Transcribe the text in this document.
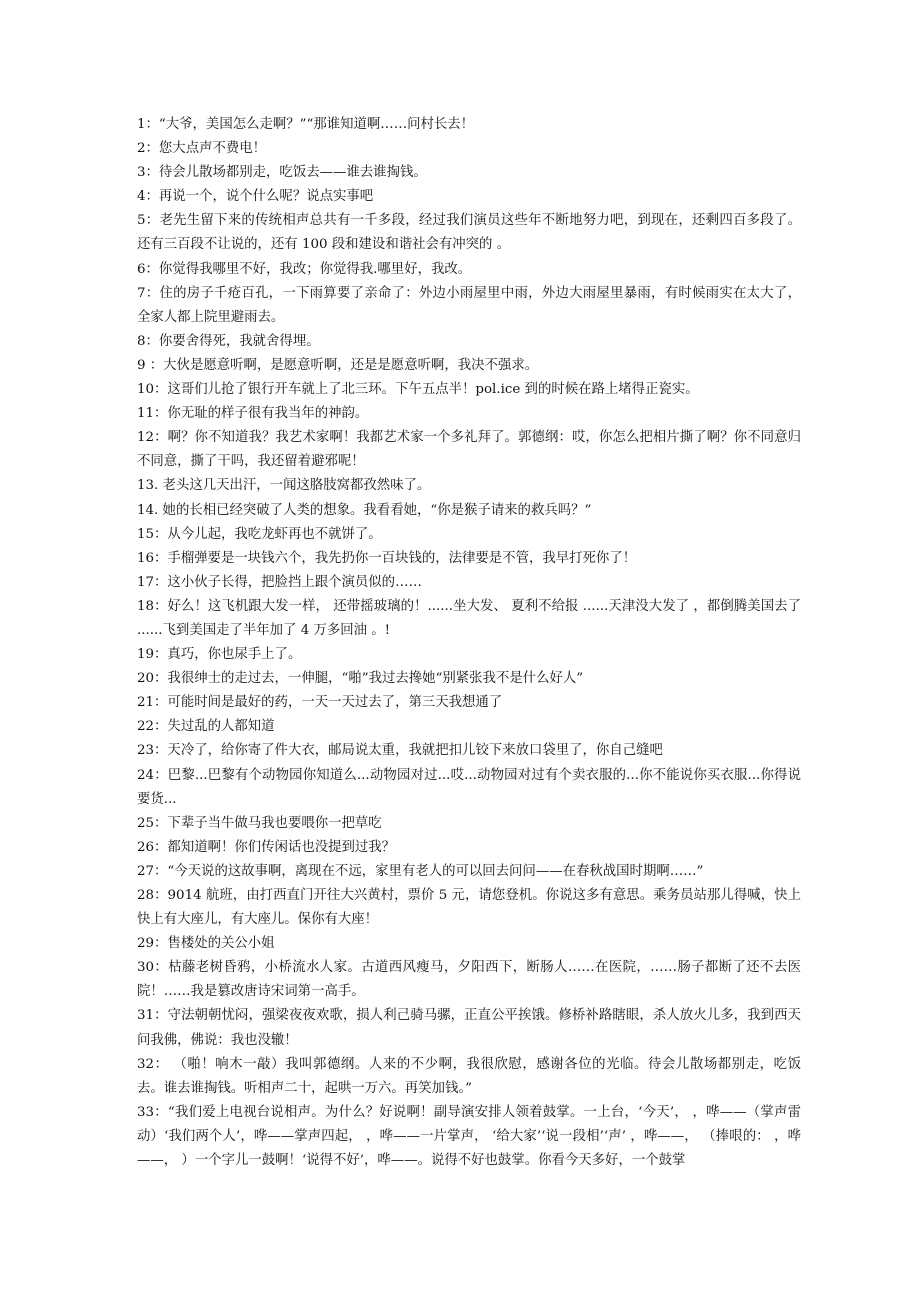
1：“大爷，美国怎么走啊？”“那谁知道啊……问村长去！

2：您大点声不费电！

3：待会儿散场都别走，吃饭去——谁去谁掏钱。

4：再说一个，说个什么呢？说点实事吧

5：老先生留下来的传统相声总共有一千多段，经过我们演员这些年不断地努力吧，到现在，还剩四百多段了。还有三百段不让说的，还有 100 段和建设和谐社会有冲突的 。

6：你觉得我哪里不好，我改；你觉得我.哪里好，我改。

7：住的房子千疮百孔，一下雨算要了亲命了：外边小雨屋里中雨，外边大雨屋里暴雨，有时候雨实在太大了，全家人都上院里避雨去。

8：你要舍得死，我就舍得埋。

9 ：大伙是愿意听啊，是愿意听啊，还是是愿意听啊，我决不强求。

10：这哥们儿抢了银行开车就上了北三环。下午五点半！pol.ice 到的时候在路上堵得正瓷实。

11：你无耻的样子很有我当年的神韵。

12：啊？你不知道我？我艺术家啊！我都艺术家一个多礼拜了。郭德纲：哎，你怎么把相片撕了啊？你不同意归不同意，撕了干吗，我还留着避邪呢！

13. 老头这几天出汗，一闻这胳肢窝都孜然味了。

14. 她的长相已经突破了人类的想象。我看看她，“你是猴子请来的救兵吗？”

15：从今儿起，我吃龙虾再也不就饼了。

16：手榴弹要是一块钱六个，我先扔你一百块钱的，法律要是不管，我早打死你了！

17：这小伙子长得，把脸挡上跟个演员似的……

18：好么！这飞机跟大发一样， 还带摇玻璃的！......坐大发、 夏利不给报 ......天津没大发了 ，都倒腾美国去了 ......飞到美国走了半年加了 4 万多回油 。!

19：真巧，你也尿手上了。

20：我很绅士的走过去，一伸腿，“啪”我过去搀她“别紧张我不是什么好人”

21：可能时间是最好的药，一天一天过去了，第三天我想通了

22：失过乱的人都知道

23：天冷了，给你寄了件大衣，邮局说太重，我就把扣儿铰下来放口袋里了，你自己缝吧

24：巴黎...巴黎有个动物园你知道么...动物园对过...哎...动物园对过有个卖衣服的...你不能说你买衣服...你得说要货...

25：下辈子当牛做马我也要喂你一把草吃

26：都知道啊！你们传闲话也没提到过我？

27：“今天说的这故事啊，离现在不远，家里有老人的可以回去问问——在春秋战国时期啊……”

28：9014 航班，由打西直门开往大兴黄村，票价 5 元，请您登机。你说这多有意思。乘务员站那儿得喊，快上快上有大座儿，有大座儿。保你有大座！

29：售楼处的关公小姐

30：枯藤老树昏鸦，小桥流水人家。古道西风瘦马，夕阳西下，断肠人……在医院，……肠子都断了还不去医院！……我是篡改唐诗宋词第一高手。

31：守法朝朝忧闷，强梁夜夜欢歌，损人利己骑马骡，正直公平挨饿。修桥补路瞎眼，杀人放火儿多，我到西天问我佛，佛说：我也没辙！

32： （啪！响木一敲）我叫郭德纲。人来的不少啊，我很欣慰，感谢各位的光临。待会儿散场都别走，吃饭去。谁去谁掏钱。听相声二十，起哄一万六。再笑加钱。”

33：“我们爱上电视台说相声。为什么？好说啊！副导演安排人领着鼓掌。一上台，‘今天’， ，哗——（掌声雷动）‘我们两个人’，哗——掌声四起， ，哗——一片掌声， ‘给大家’‘说一段相’‘声’ ，哗——， （捧哏的： ，哗——， ）一个字儿一鼓啊！‘说得不好’，哗——。说得不好也鼓掌。你看今天多好，一个鼓掌
